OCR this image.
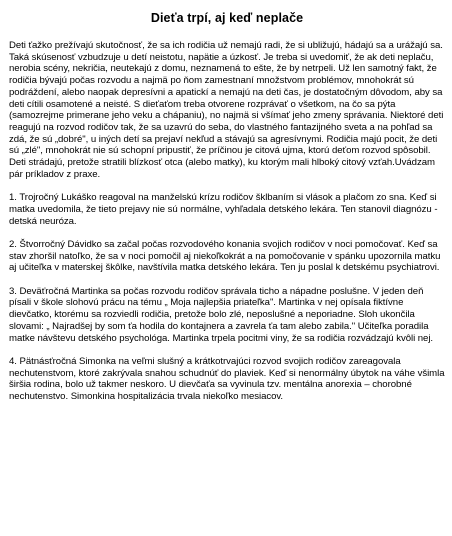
Dieťa trpí, aj keď neplače

Deti ťažko prežívajú skutočnosť, že sa ich rodičia už nemajú radi, že si ubližujú, hádajú sa a urážajú sa. Taká skúsenosť vzbudzuje u detí neistotu, napätie a úzkosť. Je treba si uvedomiť, že ak deti neplaču, nerobia scény, nekričia, neutekajú z domu, neznamená to ešte, že by netrpeli. Už len samotný fakt, že rodičia bývajú počas rozvodu a najmä po ňom zamestnaní množstvom problémov, mnohokrát sú podráždení, alebo naopak depresívni a apatickí a nemajú na deti čas, je dostatočným dôvodom, aby sa deti cítili osamotené a neisté. S dieťaťom treba otvorene rozprávať o všetkom, na čo sa pýta (samozrejme primerane jeho veku a chápaniu), no najmä si všímať jeho zmeny správania. Niektoré deti reagujú na rozvod rodičov tak, že sa uzavrú do seba, do vlastného fantazijného sveta a na pohľad sa zdá, že sú „dobré", u iných detí sa prejaví nekľud a stávajú sa agresívnymi. Rodičia majú pocit, že deti sú „zlé", mnohokrát nie sú schopní pripustiť, že príčinou je citová ujma, ktorú deťom rozvod spôsobil. Deti strádajú, pretože stratili blízkosť otca (alebo matky), ku ktorým mali hlboký citový vzťah.Uvádzam pár príkladov z praxe.

1. Trojročný Lukáško reagoval na manželskú krízu rodičov šklbaním si vlások a plačom zo sna. Keď si matka uvedomila, že tieto prejavy nie sú normálne, vyhľadala detského lekára. Ten stanovil diagnózu - detská neuróza.

2. Štvorročný Dávidko sa začal počas rozvodového konania svojich rodičov v noci pomočovať. Keď sa stav zhoršil natoľko, že sa v noci pomočil aj niekoľkokrát a na pomočovanie v spánku upozornila matku aj učiteľka v materskej škôlke, navštívila matka detského lekára. Ten ju poslal k detskému psychiatrovi.

3. Deväťročná Martinka sa počas rozvodu rodičov správala ticho a nápadne poslušne. V jeden deň písali v škole slohovú prácu na tému „ Moja najlepšia priateľka". Martinka v nej opísala fiktívne dievčatko, ktorému sa rozviedli rodičia, pretože bolo zlé, neposlušné a neporiadne. Sloh ukončila slovami: „ Najradšej by som ťa hodila do kontajnera a zavrela ťa tam alebo zabila." Učiteľka poradila matke návštevu detského psychológa. Martinka trpela pocitmi viny, že sa rodičia rozvádzajú kvôli nej.

4. Pätnásťročná Simonka na veľmi slušný a krátkotrvajúci rozvod svojich rodičov zareagovala nechutenstvom, ktoré zakrývala snahou schudnúť do plaviek. Keď si nenormálny úbytok na váhe všimla širšia rodina, bolo už takmer neskoro. U dievčaťa sa vyvinula tzv. mentálna anorexia – chorobné nechutenstvo. Simonkina hospitalizácia trvala niekoľko mesiacov.
